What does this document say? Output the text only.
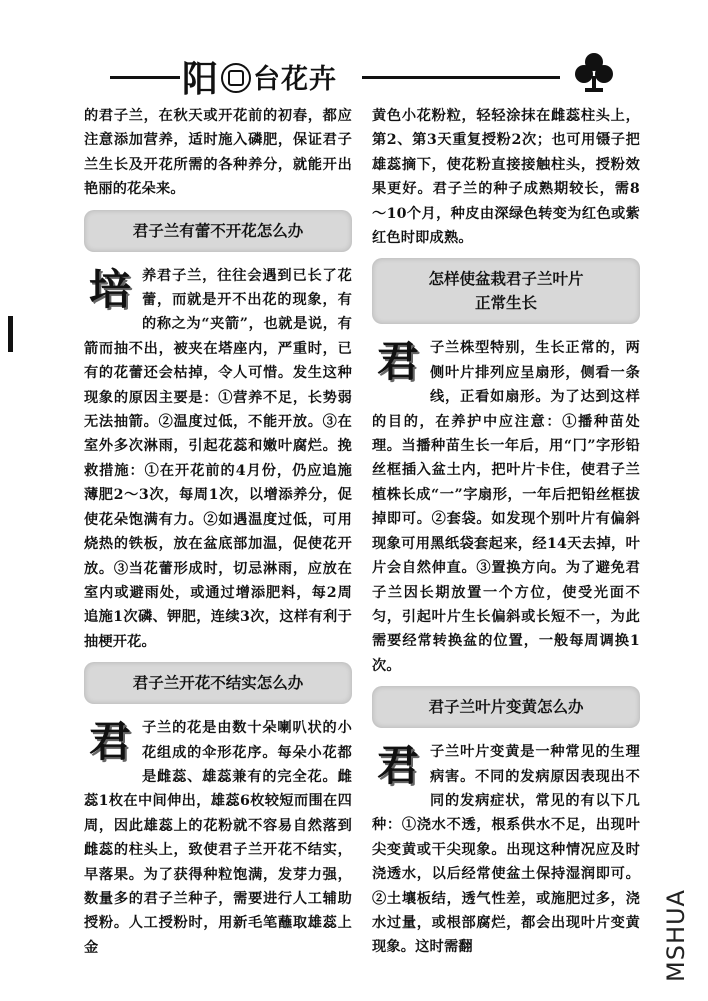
阳 台花卉

的君子兰，在秋天或开花前的初春，都应注意添加营养，适时施入磷肥，保证君子兰生长及开花所需的各种养分，就能开出艳丽的花朵来。

君子兰有蕾不开花怎么办

培 养君子兰，往往会遇到已长了花蕾，而就是开不出花的现象，有的称之为“夹箭”，也就是说，有箭而抽不出，被夹在塔座内，严重时，已有的花蕾还会枯掉，令人可惜。发生这种现象的原因主要是：①营养不足，长势弱无法抽箭。②温度过低，不能开放。③在室外多次淋雨，引起花蕊和嫩叶腐烂。挽救措施：①在开花前的4月份，仍应追施薄肥2～3次，每周1次，以增添养分，促使花朵饱满有力。②如遇温度过低，可用烧热的铁板，放在盆底部加温，促使花开放。③当花蕾形成时，切忌淋雨，应放在室内或避雨处，或通过增添肥料，每2周追施1次磷、钾肥，连续3次，这样有利于抽梗开花。

君子兰开花不结实怎么办

君 子兰的花是由数十朵喇叭状的小花组成的伞形花序。每朵小花都是雌蕊、雄蕊兼有的完全花。雌蕊1枚在中间伸出，雄蕊6枚较短而围在四周，因此雄蕊上的花粉就不容易自然落到雌蕊的柱头上，致使君子兰开花不结实，早落果。为了获得种粒饱满，发芽力强，数量多的君子兰种子，需要进行人工辅助授粉。人工授粉时，用新毛笔蘸取雄蕊上金

黄色小花粉粒，轻轻涂抹在雌蕊柱头上，第2、第3天重复授粉2次；也可用镊子把雄蕊摘下，使花粉直接接触柱头，授粉效果更好。君子兰的种子成熟期较长，需8～10个月，种皮由深绿色转变为红色或紫红色时即成熟。

怎样使盆栽君子兰叶片
正常生长

君 子兰株型特别，生长正常的，两侧叶片排列应呈扇形，侧看一条线，正看如扇形。为了达到这样的目的，在养护中应注意：①播种苗处理。当播种苗生长一年后，用“冂”字形铅丝框插入盆土内，把叶片卡住，使君子兰植株长成“一”字扇形，一年后把铅丝框拔掉即可。②套袋。如发现个别叶片有偏斜现象可用黑纸袋套起来，经14天去掉，叶片会自然伸直。③置换方向。为了避免君子兰因长期放置一个方位，使受光面不匀，引起叶片生长偏斜或长短不一，为此需要经常转换盆的位置，一般每周调换1次。

君子兰叶片变黄怎么办

君 子兰叶片变黄是一种常见的生理病害。不同的发病原因表现出不同的发病症状，常见的有以下几种：①浇水不透，根系供水不足，出现叶尖变黄或干尖现象。出现这种情况应及时浇透水，以后经常使盆土保持湿润即可。②土壤板结，透气性差，或施肥过多，浇水过量，或根部腐烂，都会出现叶片变黄现象。这时需翻	MSHUA
